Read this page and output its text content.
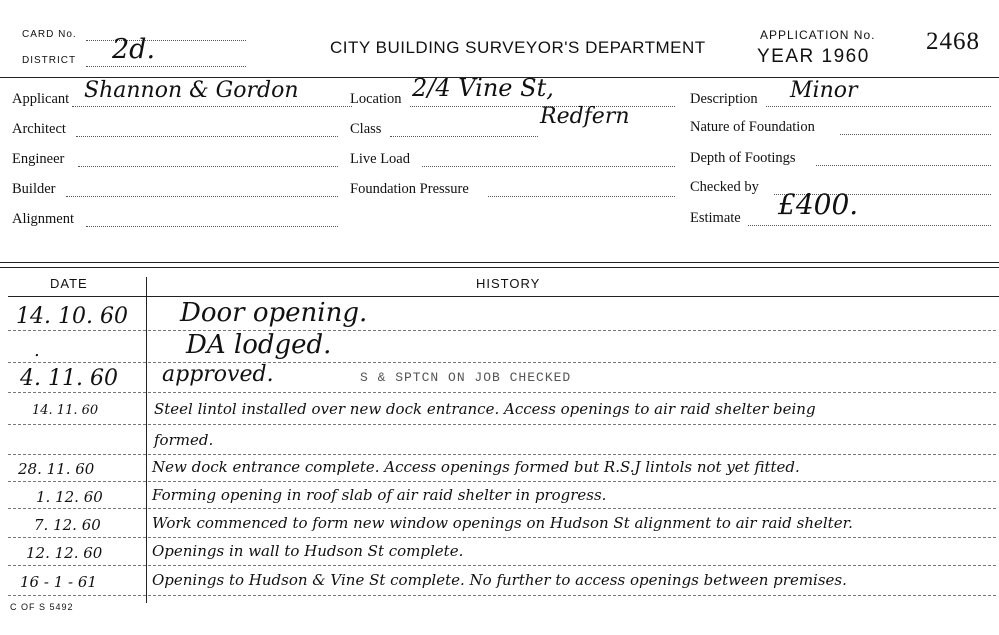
CARD No.
DISTRICT 2d.	CITY BUILDING SURVEYOR'S DEPARTMENT
APPLICATION No.
YEAR 1960
2468
Applicant Shannon & Gordon
Architect
Engineer
Builder
Alignment
Location 2/4 Vine St,
Redfern
Class
Live Load
Foundation Pressure
Description Minor
Nature of Foundation
Depth of Footings
Checked by
Estimate £400.
DATE	HISTORY
14. 10. 60 Door opening.
.	DA lodged.
4. 11. 60 approved.	S & SPTCN ON JOB CHECKED
14. 11. 60	Steel lintol installed over new dock entrance. Access openings to air raid shelter being
formed.
28. 11. 60	New dock entrance complete. Access openings formed but R.S.J lintols not yet fitted.
1. 12. 60	Forming opening in roof slab of air raid shelter in progress.
7. 12. 60	Work commenced to form new window openings on Hudson St alignment to air raid shelter.
12. 12. 60	Openings in wall to Hudson St complete.
16 - 1 - 61	Openings to Hudson & Vine St complete. No further to access openings between premises.
C OF S 5492
